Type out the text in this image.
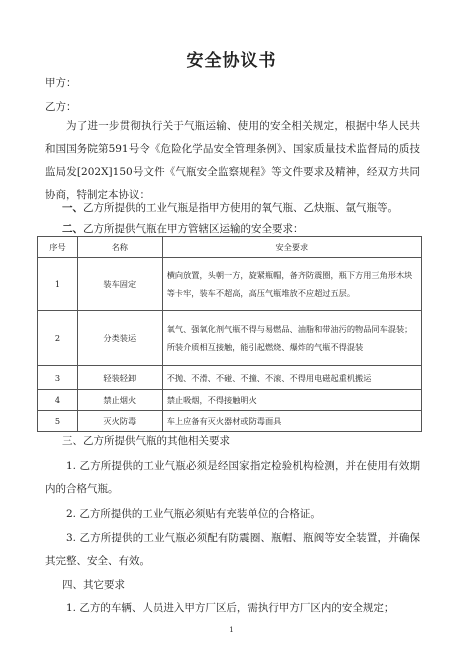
安全协议书
甲方：
乙方：
为了进一步贯彻执行关于气瓶运输、使用的安全相关规定，根据中华人民共和国国务院第591号令《危险化学品安全管理条例》、国家质量技术监督局的质技监局发[202X]150号文件《气瓶安全监察规程》等文件要求及精神，经双方共同协商，特制定本协议：
一、乙方所提供的工业气瓶是指甲方使用的氧气瓶、乙炔瓶、氩气瓶等。
二、乙方所提供气瓶在甲方管辖区运输的安全要求：
序号	名称	安全要求
1	装车固定	横向放置，头朝一方，旋紧瓶帽，备齐防震圈，瓶下方用三角形木块等卡牢，装车不超高，高压气瓶堆放不应超过五层。
2	分类装运	氧气、强氧化剂气瓶不得与易燃品、油脂和带油污的物品同车混装；所装介质相互接触，能引起燃烧、爆炸的气瓶不得混装
3	轻装轻卸	不抛、不滑、不碰、不撞、不滚、不得用电磁起重机搬运
4	禁止烟火	禁止吸烟，不得接触明火
5	灭火防毒	车上应备有灭火器材或防毒面具
三、乙方所提供气瓶的其他相关要求
1. 乙方所提供的工业气瓶必须是经国家指定检验机构检测，并在使用有效期内的合格气瓶。
2. 乙方所提供的工业气瓶必须贴有充装单位的合格证。
3. 乙方所提供的工业气瓶必须配有防震圈、瓶帽、瓶阀等安全装置，并确保其完整、安全、有效。
四、其它要求
1. 乙方的车辆、人员进入甲方厂区后，需执行甲方厂区内的安全规定；
1
